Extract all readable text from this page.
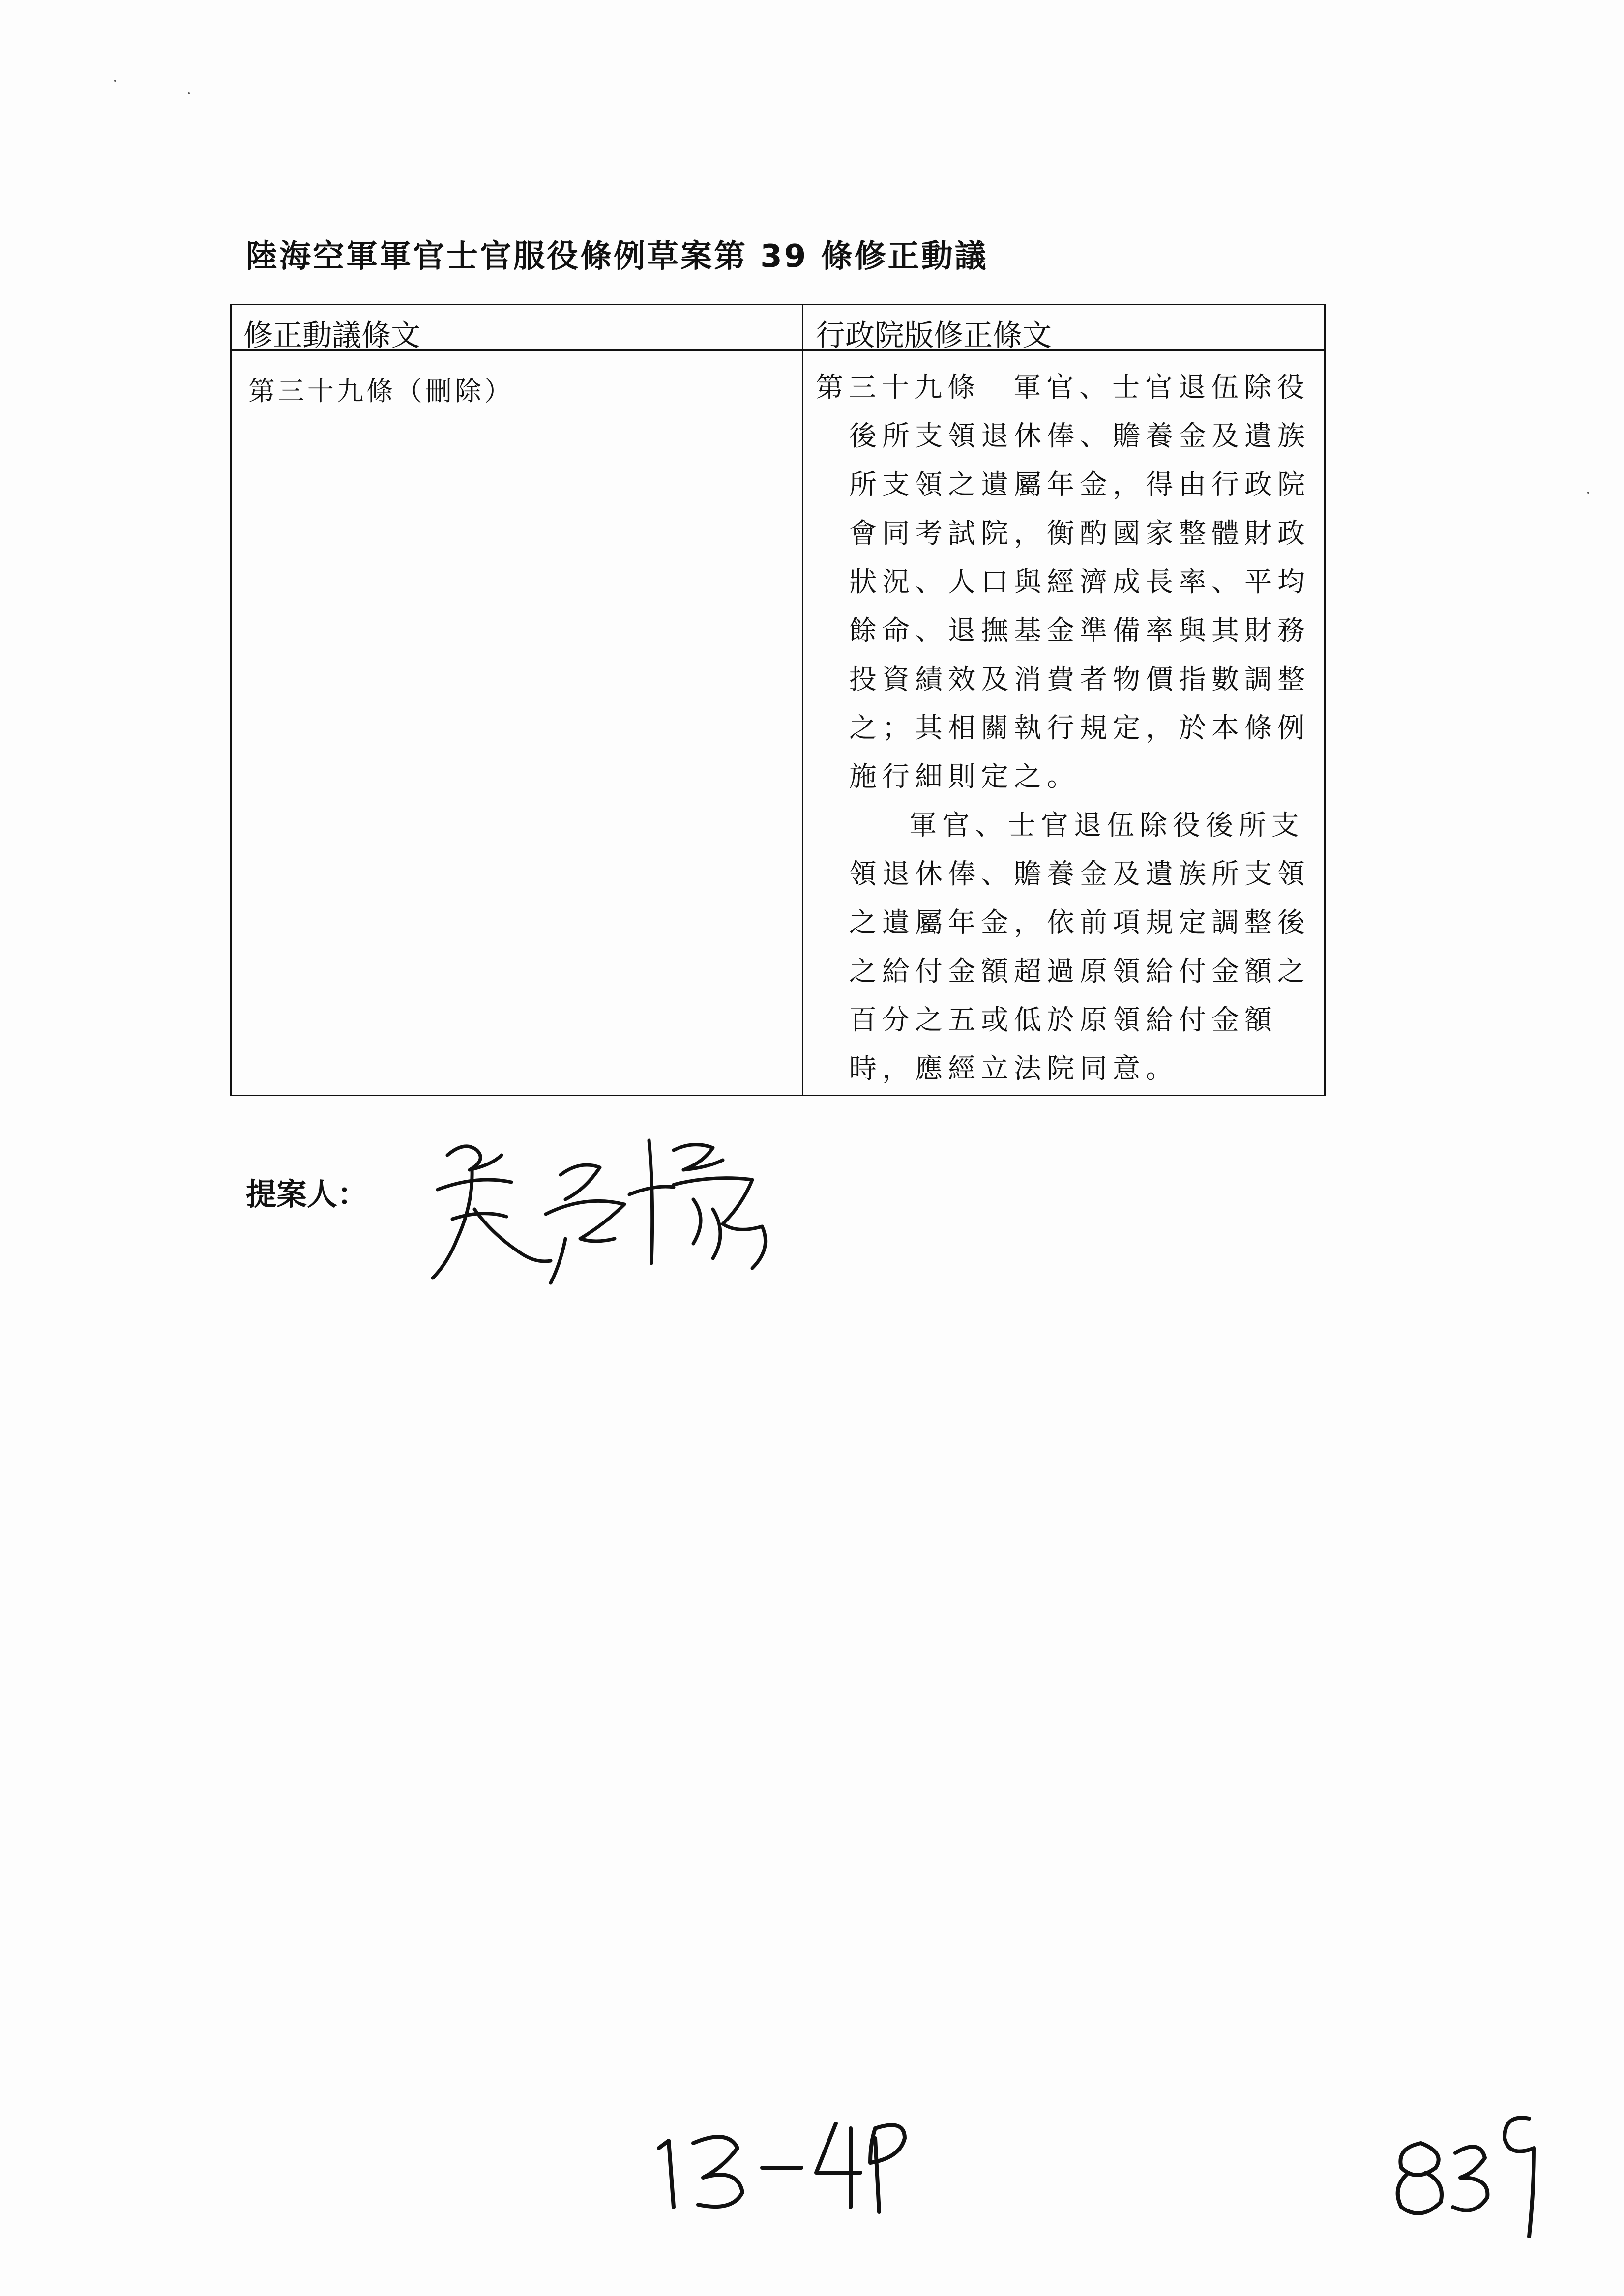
陸海空軍軍官士官服役條例草案第 39 條修正動議
修正動議條文	行政院版修正條文
第三十九條（刪除）	第三十九條　軍官、士官退伍除役
後所支領退休俸、贍養金及遺族
所支領之遺屬年金，得由行政院
會同考試院，衡酌國家整體財政
狀況、人口與經濟成長率、平均
餘命、退撫基金準備率與其財務
投資績效及消費者物價指數調整
之；其相關執行規定，於本條例
施行細則定之。
軍官、士官退伍除役後所支
領退休俸、贍養金及遺族所支領
之遺屬年金，依前項規定調整後
之給付金額超過原領給付金額之
百分之五或低於原領給付金額
時，應經立法院同意。
提案人：
